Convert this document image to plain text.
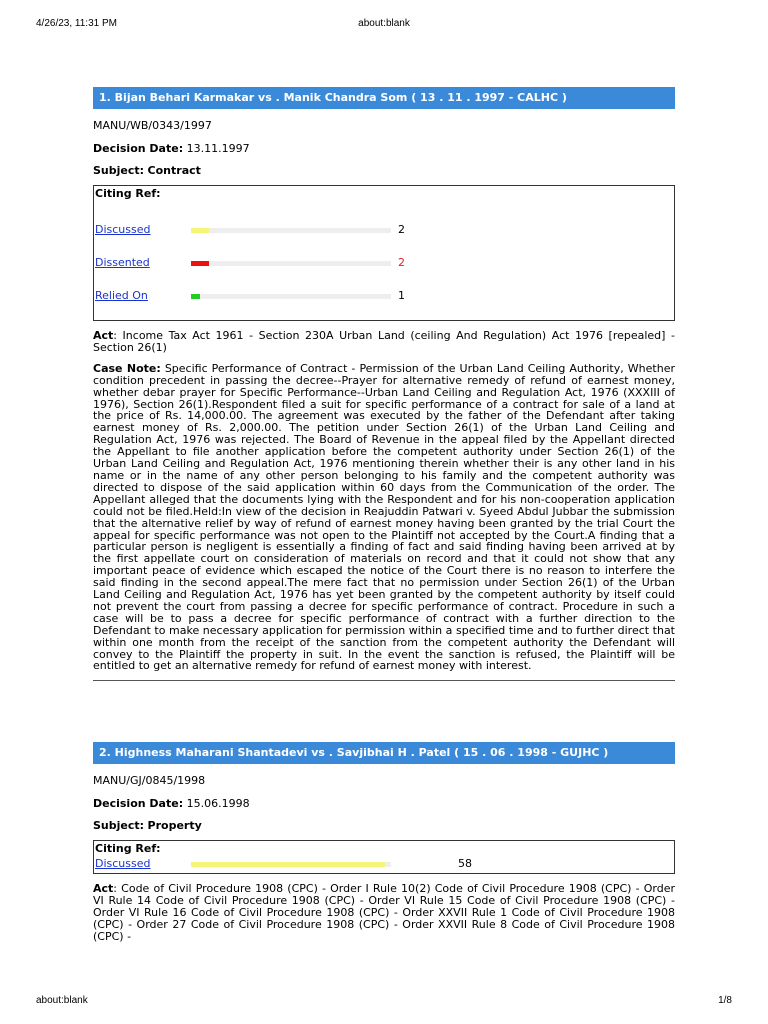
4/26/23, 11:31 PM	about:blank
1. Bijan Behari Karmakar vs . Manik Chandra Som ( 13 . 11 . 1997 - CALHC )
MANU/WB/0343/1997
Decision Date: 13.11.1997
Subject: Contract
Citing Ref:
Discussed	2
Dissented	2
Relied On	1
Act: Income Tax Act 1961 - Section 230A Urban Land (ceiling And Regulation) Act 1976 [repealed] - Section 26(1)
Case Note: Specific Performance of Contract - Permission of the Urban Land Ceiling Authority, Whether condition precedent in passing the decree--Prayer for alternative remedy of refund of earnest money, whether debar prayer for Specific Performance--Urban Land Ceiling and Regulation Act, 1976 (XXXIII of 1976), Section 26(1).Respondent filed a suit for specific performance of a contract for sale of a land at the price of Rs. 14,000.00. The agreement was executed by the father of the Defendant after taking earnest money of Rs. 2,000.00. The petition under Section 26(1) of the Urban Land Ceiling and Regulation Act, 1976 was rejected. The Board of Revenue in the appeal filed by the Appellant directed the Appellant to file another application before the competent authority under Section 26(1) of the Urban Land Ceiling and Regulation Act, 1976 mentioning therein whether their is any other land in his name or in the name of any other person belonging to his family and the competent authority was directed to dispose of the said application within 60 days from the Communication of the order. The Appellant alleged that the documents lying with the Respondent and for his non-cooperation application could not be filed.Held:In view of the decision in Reajuddin Patwari v. Syeed Abdul Jubbar the submission that the alternative relief by way of refund of earnest money having been granted by the trial Court the appeal for specific performance was not open to the Plaintiff not accepted by the Court.A finding that a particular person is negligent is essentially a finding of fact and said finding having been arrived at by the first appellate court on consideration of materials on record and that it could not show that any important peace of evidence which escaped the notice of the Court there is no reason to interfere the said finding in the second appeal.The mere fact that no permission under Section 26(1) of the Urban Land Ceiling and Regulation Act, 1976 has yet been granted by the competent authority by itself could not prevent the court from passing a decree for specific performance of contract. Procedure in such a case will be to pass a decree for specific performance of contract with a further direction to the Defendant to make necessary application for permission within a specified time and to further direct that within one month from the receipt of the sanction from the competent authority the Defendant will convey to the Plaintiff the property in suit. In the event the sanction is refused, the Plaintiff will be entitled to get an alternative remedy for refund of earnest money with interest.
2. Highness Maharani Shantadevi vs . Savjibhai H . Patel ( 15 . 06 . 1998 - GUJHC )
MANU/GJ/0845/1998
Decision Date: 15.06.1998
Subject: Property
Citing Ref:
Discussed	58
Act: Code of Civil Procedure 1908 (CPC) - Order I Rule 10(2) Code of Civil Procedure 1908 (CPC) - Order VI Rule 14 Code of Civil Procedure 1908 (CPC) - Order VI Rule 15 Code of Civil Procedure 1908 (CPC) - Order VI Rule 16 Code of Civil Procedure 1908 (CPC) - Order XXVII Rule 1 Code of Civil Procedure 1908 (CPC) - Order 27 Code of Civil Procedure 1908 (CPC) - Order XXVII Rule 8 Code of Civil Procedure 1908 (CPC) -
about:blank	1/8
